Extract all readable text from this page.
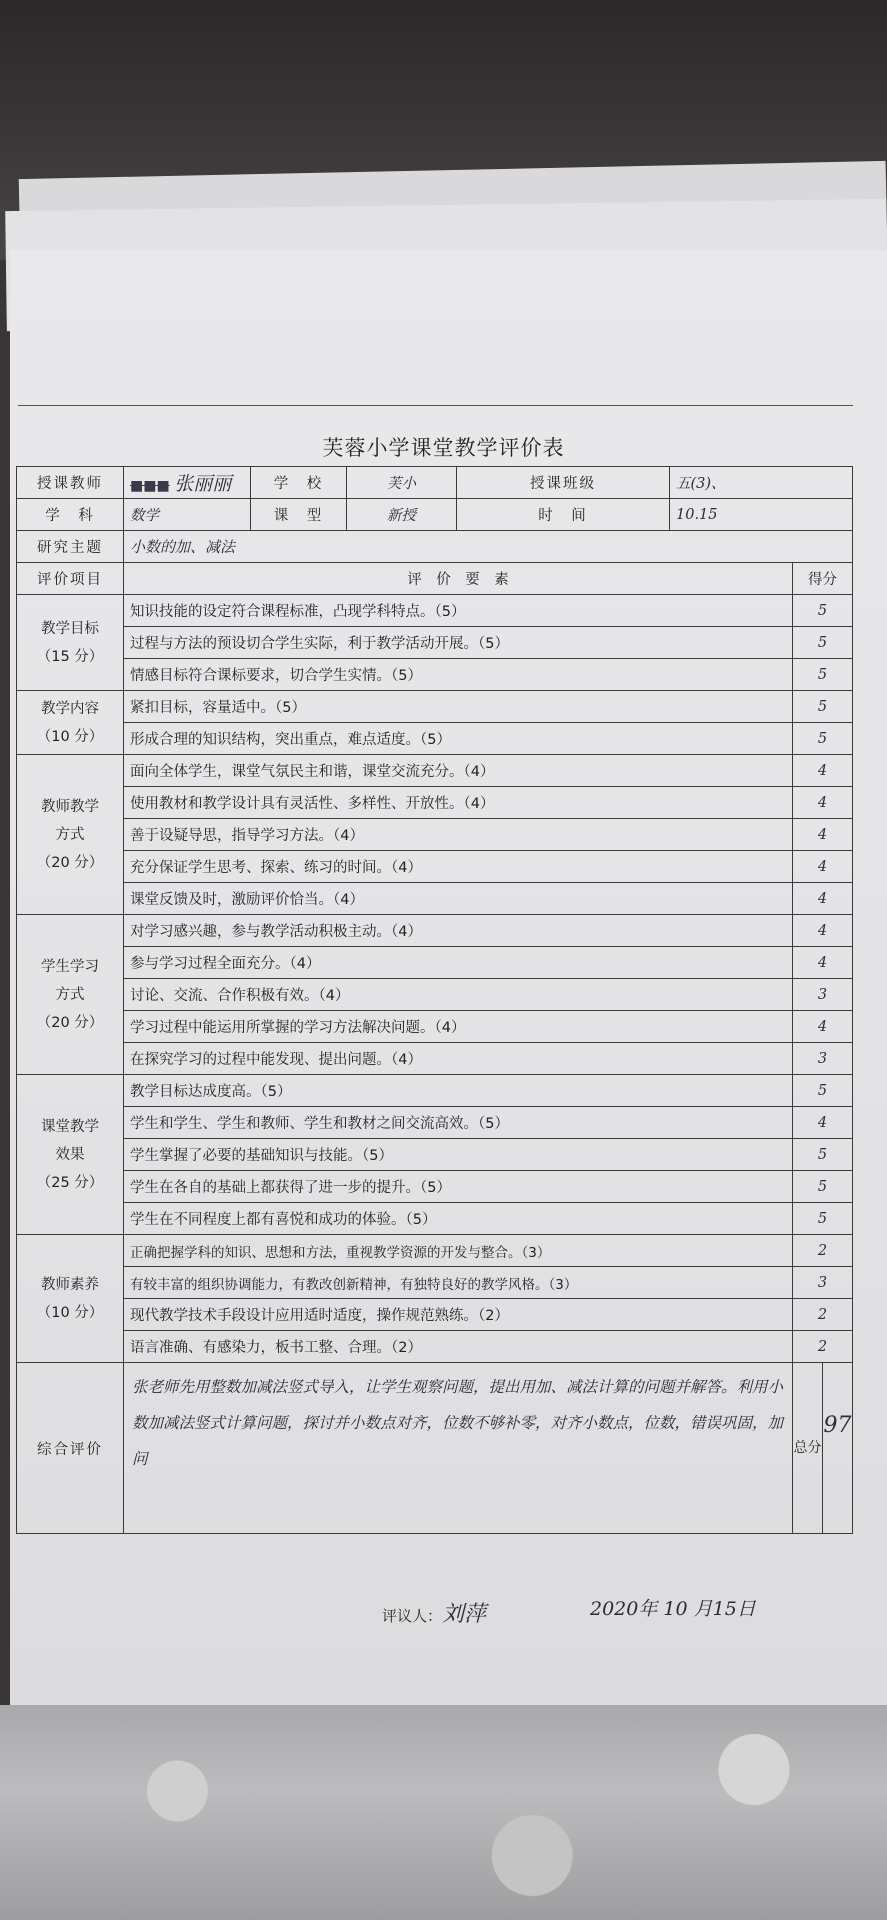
芙蓉小学课堂教学评价表
授课教师	■■■ 张丽丽	学　校	芙小	授课班级	五(3)、		
学　科	数学	课　型	新授	时　间	10.15		
研究主题	小数的加、减法						
评价项目	评　价　要　素					得分	

教学目标
（15 分）	知识技能的设定符合课程标准，凸现学科特点。（5）					5	
	过程与方法的预设切合学生实际，利于教学活动开展。（5）					5	
	情感目标符合课标要求，切合学生实情。（5）					5	

教学内容
（10 分）	紧扣目标，容量适中。（5）					5	
	形成合理的知识结构，突出重点，难点适度。（5）					5	

教师教学
方式
（20 分）	面向全体学生，课堂气氛民主和谐，课堂交流充分。（4）					4	
	使用教材和教学设计具有灵活性、多样性、开放性。（4）					4	
	善于设疑导思，指导学习方法。（4）					4	
	充分保证学生思考、探索、练习的时间。（4）					4	
	课堂反馈及时，激励评价恰当。（4）					4	

学生学习
方式
（20 分）	对学习感兴趣，参与教学活动积极主动。（4）					4	
	参与学习过程全面充分。（4）					4	
	讨论、交流、合作积极有效。（4）					3	
	学习过程中能运用所掌握的学习方法解决问题。（4）					4	
	在探究学习的过程中能发现、提出问题。（4）					3	

课堂教学
效果
（25 分）	教学目标达成度高。（5）					5	
	学生和学生、学生和教师、学生和教材之间交流高效。（5）					4	
	学生掌握了必要的基础知识与技能。（5）					5	
	学生在各自的基础上都获得了进一步的提升。（5）					5	
	学生在不同程度上都有喜悦和成功的体验。（5）					5	

教师素养
（10 分）	正确把握学科的知识、思想和方法，重视教学资源的开发与整合。（3）					2	
	有较丰富的组织协调能力，有教改创新精神，有独特良好的教学风格。（3）					3	
	现代教学技术手段设计应用适时适度，操作规范熟练。（2）					2	
	语言准确、有感染力，板书工整、合理。（2）					2	
综合评价	张老师先用整数加减法竖式导入，让学生观察问题，提出用加、减法计算的问题并解答。利用小数加减法竖式计算问题，探讨并小数点对齐，位数不够补零，对齐小数点，位数，错误巩固，加问					总分	97
评议人：刘萍	2020年 10 月15日
